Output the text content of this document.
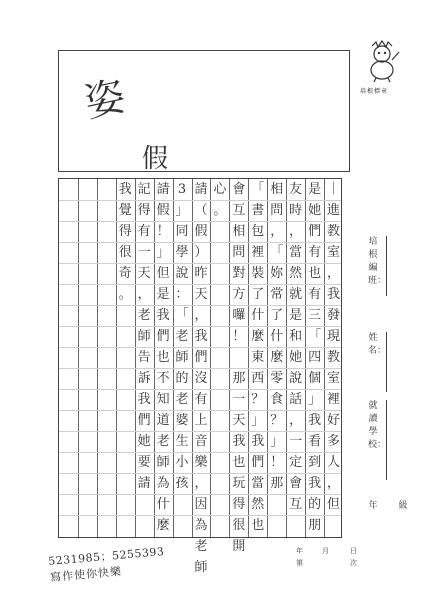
姿
假
培根標章
｜
進
教
室
，
我
發
現
教
室
裡
好
多
人
，
但
是
她
們
有
也
有
三
「
四
個
」
我
看
到
我
的
朋
友
時
，
當
然
就
是
和
她
說
話
，
一
定
會
互
相
問
，
「
妳
常
了
什
麼
零
食
？
」
！
那
「
書
包
裡
裝
了
什
麼
東
西
？
」
我
們
當
然
也
會
互
相
問
對
方
囉
！
那
一
天
我
也
玩
得
很
開
心
。
請
（
假
）
昨
天
，
我
們
沒
有
上
音
樂
，
因
為
老
師
3
」
同
學
說
：
「
老
師
的
老
婆
生
小
孩
請
假
！
」
但
是
我
們
也
不
知
道
老
師
為
什
麼
記
得
有
一
天
，
老
師
告
訴
我
們
她
要
請
我
覺
得
很
奇
。
培根編班：
姓名：
就讀學校：
年 級
5231985；5255393
寫作使你快樂
年	月	日
第	次
